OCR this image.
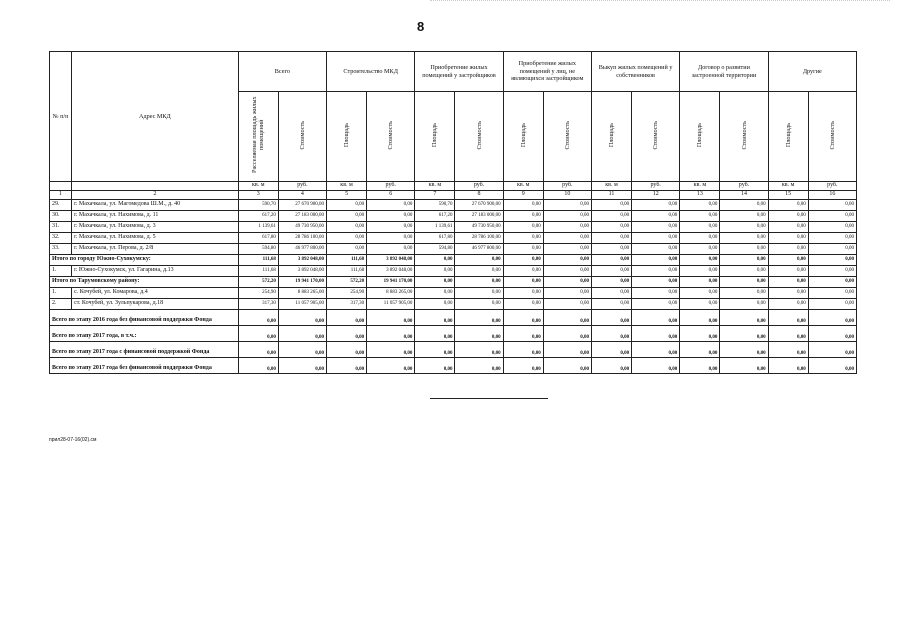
8
№ п/п	Адрес МКД	Всего		Строительство МКД		Приобретение жилых помещений у застройщиков		Приобретение жилых помещений у лиц, не являющихся застройщиком		Выкуп жилых помещений у собственников		Договор о развитии застроенной территории		Другие	
		Расселяемая площадь жилых помещений	Стоимость	Площадь	Стоимость	Площадь	Стоимость	Площадь	Стоимость	Площадь	Стоимость	Площадь	Стоимость	Площадь	Стоимость
		кв. м	руб.	кв. м	руб.	кв. м	руб.	кв. м	руб.	кв. м	руб.	кв. м	руб.	кв. м	руб.
1	2	3	4	5	6	7	8	9	10	11	12	13	14	15	16
29.	г. Махачкала, ул. Магомедова Ш.М., д. 40	590,70	27 670 900,00	0,00	0,00	590,70	27 670 900,00	0,00	0,00	0,00	0,00	0,00	0,00	0,00	0,00
30.	г. Махачкала, ул. Нахимова, д. 11	617,20	27 183 000,00	0,00	0,00	617,20	27 183 000,00	0,00	0,00	0,00	0,00	0,00	0,00	0,00	0,00
31.	г. Махачкала, ул. Нахимова, д. 3	1 139,61	49 730 950,00	0,00	0,00	1 139,61	49 730 950,00	0,00	0,00	0,00	0,00	0,00	0,00	0,00	0,00
32.	г. Махачкала, ул. Нахимова, д. 5	617,80	28 786 100,00	0,00	0,00	617,80	28 786 100,00	0,00	0,00	0,00	0,00	0,00	0,00	0,00	0,00
33.	г. Махачкала, ул. Перова, д. 2/8	594,80	46 977 800,00	0,00	0,00	594,80	46 977 800,00	0,00	0,00	0,00	0,00	0,00	0,00	0,00	0,00
Итого по городу Южно-Сухокумску:		111,68	3 892 048,00	111,68	3 892 048,00	0,00	0,00	0,00	0,00	0,00	0,00	0,00	0,00	0,00	0,00
1.	г. Южно-Сухокумск, ул. Гагарина, д.13	111,68	3 892 048,00	111,68	3 892 048,00	0,00	0,00	0,00	0,00	0,00	0,00	0,00	0,00	0,00	0,00
Итого по Тарумовскому району:		572,20	19 941 170,00	572,20	19 941 170,00	0,00	0,00	0,00	0,00	0,00	0,00	0,00	0,00	0,00	0,00
1.	с. Кочубей, ул. Комарова, д.4	254,90	8 883 265,00	254,90	8 883 265,00	0,00	0,00	0,00	0,00	0,00	0,00	0,00	0,00	0,00	0,00
2.	ст. Кочубей, ул. Зульпукарова, д.18	317,30	11 057 905,00	317,30	11 057 905,00	0,00	0,00	0,00	0,00	0,00	0,00	0,00	0,00	0,00	0,00
Всего по этапу 2016 года без финансовой поддержки Фонда		0,00	0,00	0,00	0,00	0,00	0,00	0,00	0,00	0,00	0,00	0,00	0,00	0,00	0,00
Всего по этапу 2017 года, в т.ч.:		0,00	0,00	0,00	0,00	0,00	0,00	0,00	0,00	0,00	0,00	0,00	0,00	0,00	0,00
Всего по этапу 2017 года с финансовой поддержкой Фонда		0,00	0,00	0,00	0,00	0,00	0,00	0,00	0,00	0,00	0,00	0,00	0,00	0,00	0,00
Всего по этапу 2017 года без финансовой поддержки Фонда		0,00	0,00	0,00	0,00	0,00	0,00	0,00	0,00	0,00	0,00	0,00	0,00	0,00	0,00
прил28-07-16(02).см
